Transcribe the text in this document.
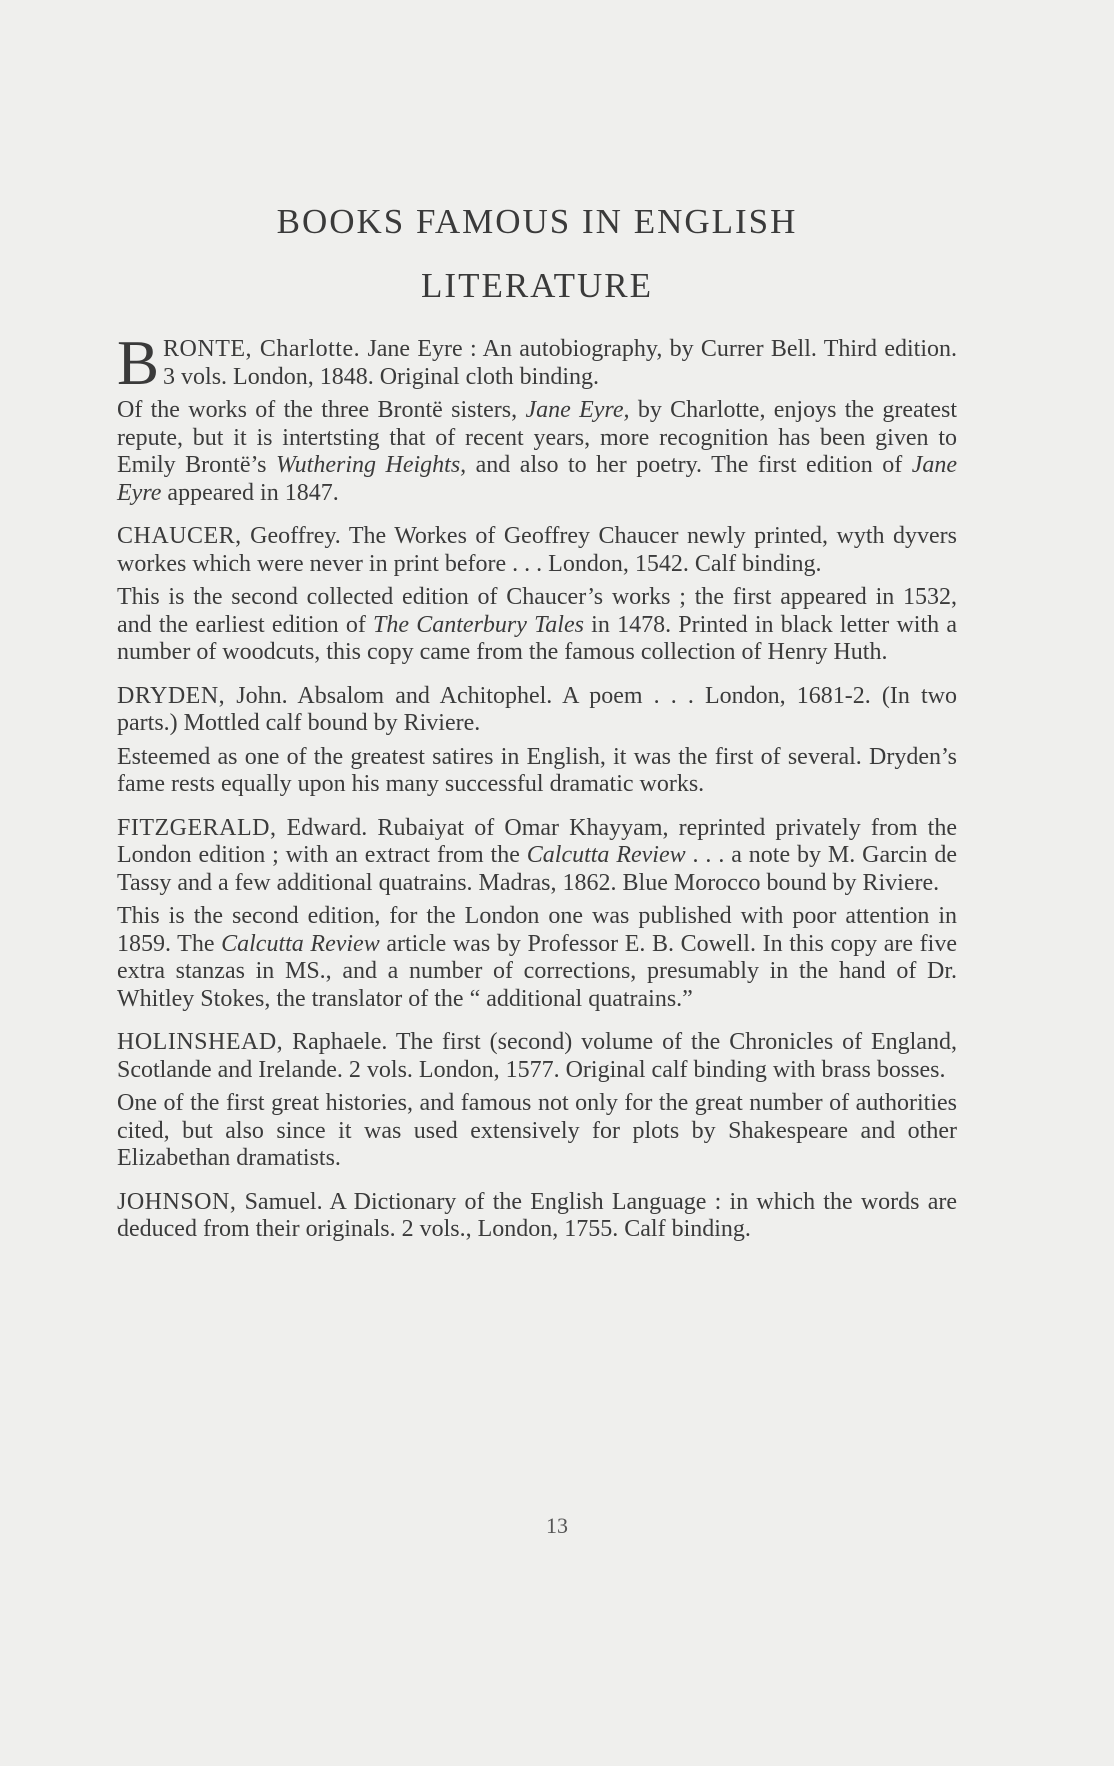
BOOKS FAMOUS IN ENGLISH
LITERATURE

BRONTE, Charlotte. Jane Eyre : An autobiography, by Currer Bell. Third edition. 3 vols. London, 1848. Original cloth binding.

Of the works of the three Brontë sisters, Jane Eyre, by Charlotte, enjoys the greatest repute, but it is intertsting that of recent years, more recognition has been given to Emily Brontë’s Wuthering Heights, and also to her poetry. The first edition of Jane Eyre appeared in 1847.

CHAUCER, Geoffrey. The Workes of Geoffrey Chaucer newly printed, wyth dyvers workes which were never in print before . . . London, 1542. Calf binding.

This is the second collected edition of Chaucer’s works ; the first appeared in 1532, and the earliest edition of The Canterbury Tales in 1478. Printed in black letter with a number of woodcuts, this copy came from the famous collection of Henry Huth.

DRYDEN, John. Absalom and Achitophel. A poem . . . London, 1681-2. (In two parts.) Mottled calf bound by Riviere.

Esteemed as one of the greatest satires in English, it was the first of several. Dryden’s fame rests equally upon his many successful dramatic works.

FITZGERALD, Edward. Rubaiyat of Omar Khayyam, reprinted privately from the London edition ; with an extract from the Calcutta Review . . . a note by M. Garcin de Tassy and a few additional quatrains. Madras, 1862. Blue Morocco bound by Riviere.

This is the second edition, for the London one was published with poor attention in 1859. The Calcutta Review article was by Professor E. B. Cowell. In this copy are five extra stanzas in MS., and a number of corrections, presumably in the hand of Dr. Whitley Stokes, the translator of the “ additional quatrains.”

HOLINSHEAD, Raphaele. The first (second) volume of the Chronicles of England, Scotlande and Irelande. 2 vols. London, 1577. Original calf binding with brass bosses.

One of the first great histories, and famous not only for the great number of authorities cited, but also since it was used extensively for plots by Shakespeare and other Elizabethan dramatists.

JOHNSON, Samuel. A Dictionary of the English Language : in which the words are deduced from their originals. 2 vols., London, 1755. Calf binding.

13
